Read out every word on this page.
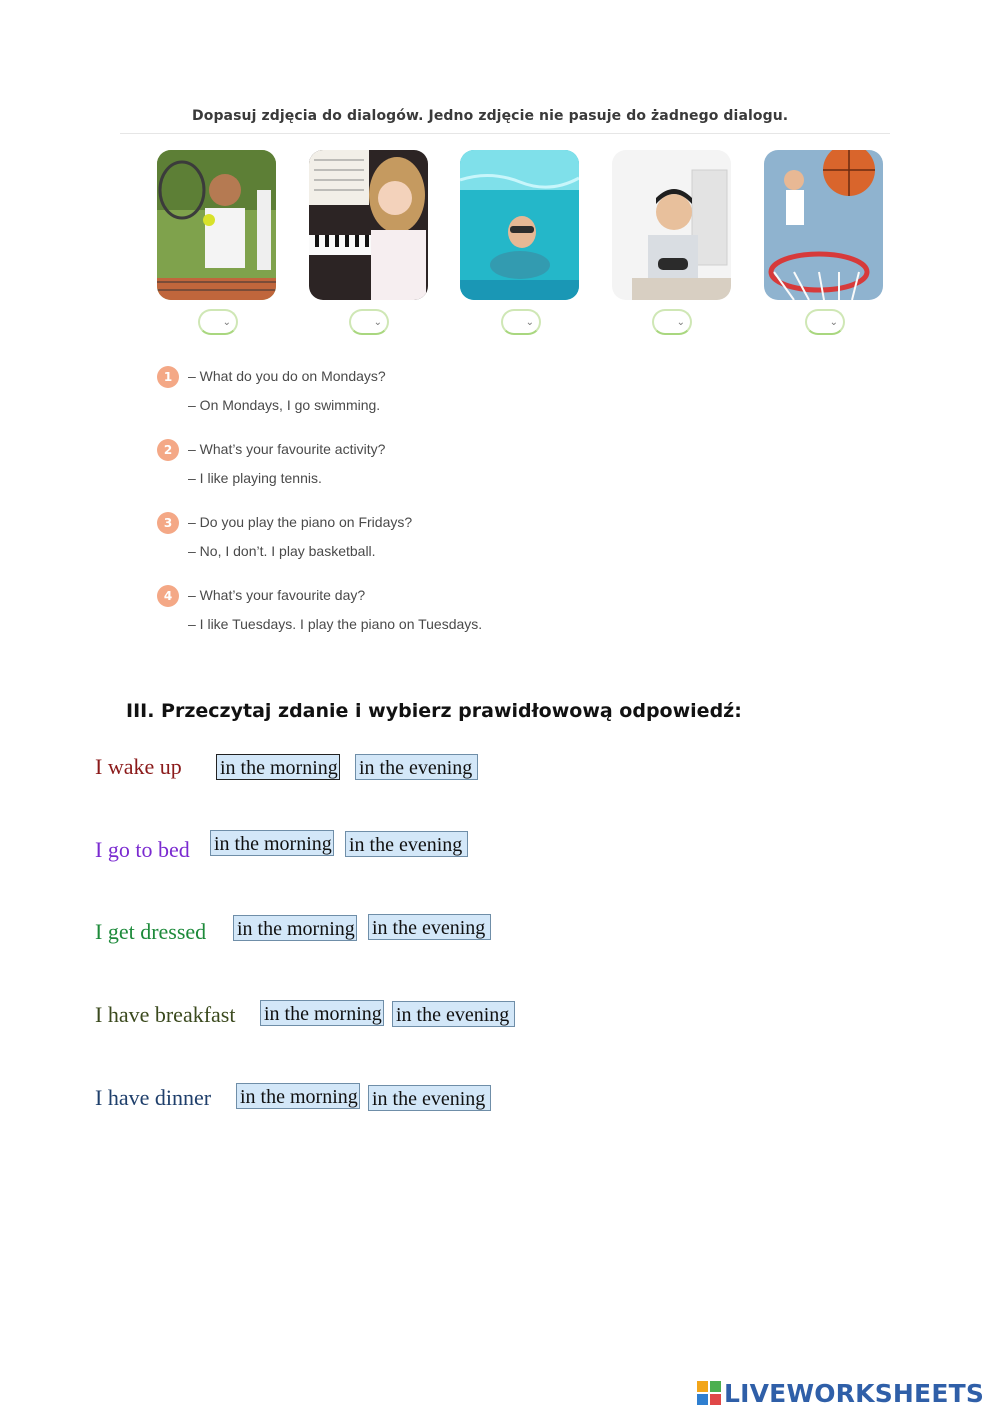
Dopasuj zdjęcia do dialogów. Jedno zdjęcie nie pasuje do żadnego dialogu.
⌄	⌄	⌄	⌄	⌄
1	– What do you do on Mondays?
– On Mondays, I go swimming.
2	– What’s your favourite activity?
– I like playing tennis.
3	– Do you play the piano on Fridays?
– No, I don’t. I play basketball.
4	– What’s your favourite day?
– I like Tuesdays. I play the piano on Tuesdays.
III. Przeczytaj zdanie i wybierz prawidłowową odpowiedź:
I wake up in the morning in the evening
I go to bed in the morning in the evening
I get dressed in the morning in the evening
I have breakfast in the morning in the evening
I have dinner in the morning in the evening
LIVEWORKSHEETS
